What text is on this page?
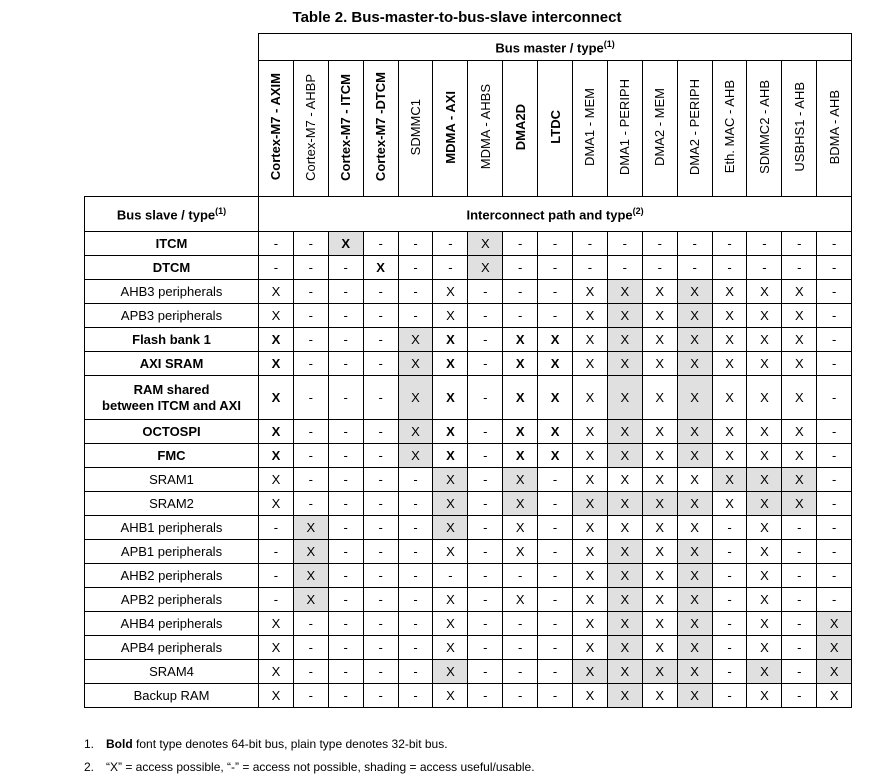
Table 2. Bus-master-to-bus-slave interconnect
	Bus master / type$^{(1)}$
	Cortex-M7 - AXIM	Cortex-M7 - AHBP	Cortex-M7 - ITCM	Cortex-M7 -DTCM	SDMMC1	MDMA - AXI	MDMA - AHBS	DMA2D	LTDC	DMA1 - MEM	DMA1 - PERIPH	DMA2 - MEM	DMA2 - PERIPH	Eth. MAC - AHB	SDMMC2 - AHB	USBHS1 - AHB	BDMA - AHB
Bus slave / type$^{(1)}$	Interconnect path and type$^{(2)}$
ITCM	-	-	X	-	-	-	X	-	-	-	-	-	-	-	-	-	-
DTCM	-	-	-	X	-	-	X	-	-	-	-	-	-	-	-	-	-
AHB3 peripherals	X	-	-	-	-	X	-	-	-	X	X	X	X	X	X	X	-
APB3 peripherals	X	-	-	-	-	X	-	-	-	X	X	X	X	X	X	X	-
Flash bank 1	X	-	-	-	X	X	-	X	X	X	X	X	X	X	X	X	-
AXI SRAM	X	-	-	-	X	X	-	X	X	X	X	X	X	X	X	X	-
RAM shared
between ITCM and AXI	X	-	-	-	X	X	-	X	X	X	X	X	X	X	X	X	-
OCTOSPI	X	-	-	-	X	X	-	X	X	X	X	X	X	X	X	X	-
FMC	X	-	-	-	X	X	-	X	X	X	X	X	X	X	X	X	-
SRAM1	X	-	-	-	-	X	-	X	-	X	X	X	X	X	X	X	-
SRAM2	X	-	-	-	-	X	-	X	-	X	X	X	X	X	X	X	-
AHB1 peripherals	-	X	-	-	-	X	-	X	-	X	X	X	X	-	X	-	-
APB1 peripherals	-	X	-	-	-	X	-	X	-	X	X	X	X	-	X	-	-
AHB2 peripherals	-	X	-	-	-	-	-	-	-	X	X	X	X	-	X	-	-
APB2 peripherals	-	X	-	-	-	X	-	X	-	X	X	X	X	-	X	-	-
AHB4 peripherals	X	-	-	-	-	X	-	-	-	X	X	X	X	-	X	-	X
APB4 peripherals	X	-	-	-	-	X	-	-	-	X	X	X	X	-	X	-	X
SRAM4	X	-	-	-	-	X	-	-	-	X	X	X	X	-	X	-	X
Backup RAM	X	-	-	-	-	X	-	-	-	X	X	X	X	-	X	-	X
1. Bold font type denotes 64-bit bus, plain type denotes 32-bit bus.
2. “X” = access possible, “-” = access not possible, shading = access useful/usable.
